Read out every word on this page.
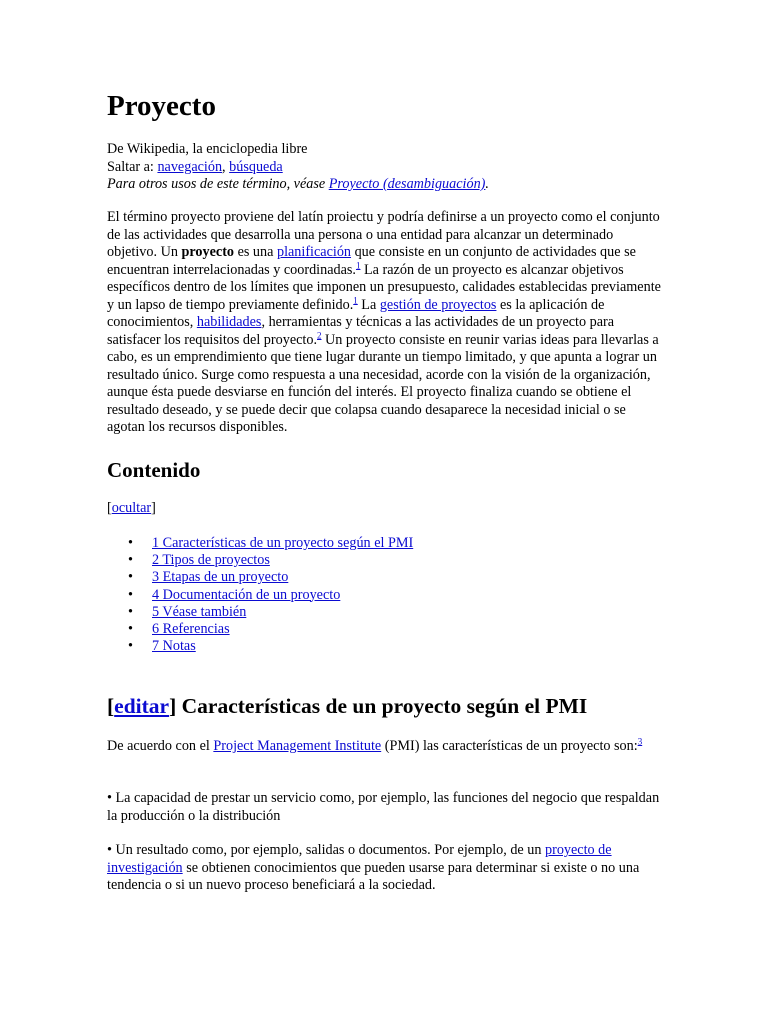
Proyecto
De Wikipedia, la enciclopedia libre
Saltar a: navegación, búsqueda
Para otros usos de este término, véase Proyecto (desambiguación).

El término proyecto proviene del latín proiectu y podría definirse a un proyecto como el conjunto de las actividades que desarrolla una persona o una entidad para alcanzar un determinado objetivo. Un proyecto es una planificación que consiste en un conjunto de actividades que se encuentran interrelacionadas y coordinadas.$^1$ La razón de un proyecto es alcanzar objetivos específicos dentro de los límites que imponen un presupuesto, calidades establecidas previamente y un lapso de tiempo previamente definido.$^1$ La gestión de proyectos es la aplicación de conocimientos, habilidades, herramientas y técnicas a las actividades de un proyecto para satisfacer los requisitos del proyecto.$^2$ Un proyecto consiste en reunir varias ideas para llevarlas a cabo, es un emprendimiento que tiene lugar durante un tiempo limitado, y que apunta a lograr un resultado único. Surge como respuesta a una necesidad, acorde con la visión de la organización, aunque ésta puede desviarse en función del interés. El proyecto finaliza cuando se obtiene el resultado deseado, y se puede decir que colapsa cuando desaparece la necesidad inicial o se agotan los recursos disponibles.

Contenido
[ocultar]
• 1 Características de un proyecto según el PMI
• 2 Tipos de proyectos
• 3 Etapas de un proyecto
• 4 Documentación de un proyecto
• 5 Véase también
• 6 Referencias
• 7 Notas
[editar] Características de un proyecto según el PMI

De acuerdo con el Project Management Institute (PMI) las características de un proyecto son:$^3$

• La capacidad de prestar un servicio como, por ejemplo, las funciones del negocio que respaldan la producción o la distribución

• Un resultado como, por ejemplo, salidas o documentos. Por ejemplo, de un proyecto de investigación se obtienen conocimientos que pueden usarse para determinar si existe o no una tendencia o si un nuevo proceso beneficiará a la sociedad.
